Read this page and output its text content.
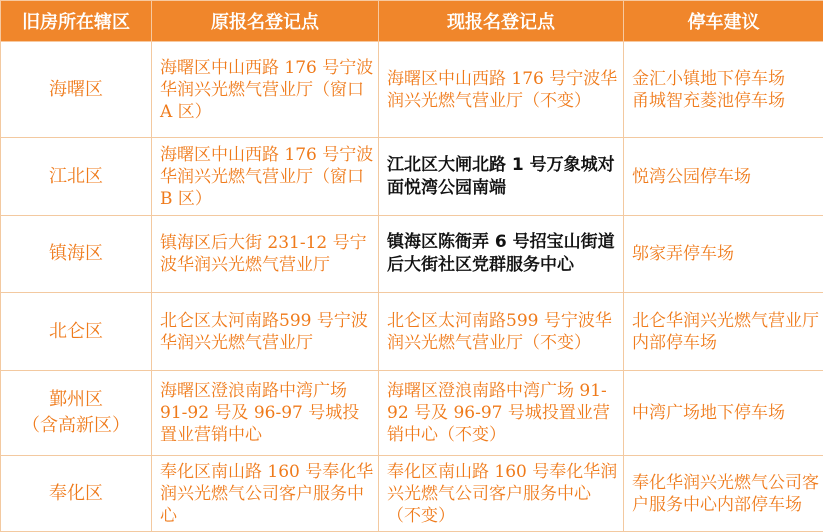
旧房所在辖区	原报名登记点	现报名登记点	停车建议
海曙区	海曙区中山西路 176 号宁波华润兴光燃气营业厅（窗口 A 区）	海曙区中山西路 176 号宁波华润兴光燃气营业厅（不变）	金汇小镇地下停车场
甬城智充菱池停车场

江北区	海曙区中山西路 176 号宁波华润兴光燃气营业厅（窗口 B 区）	江北区大闸北路 1 号万象城对面悦湾公园南端	悦湾公园停车场
镇海区	镇海区后大街 231-12 号宁波华润兴光燃气营业厅	镇海区陈衙弄 6 号招宝山街道后大街社区党群服务中心	邬家弄停车场
北仑区	北仑区太河南路599 号宁波华润兴光燃气营业厅	北仑区太河南路599 号宁波华润兴光燃气营业厅（不变）	北仑华润兴光燃气营业厅内部停车场

鄞州区
（含高新区）	海曙区澄浪南路中湾广场 91-92 号及 96-97 号城投置业营销中心	海曙区澄浪南路中湾广场 91-92 号及 96-97 号城投置业营销中心（不变）	中湾广场地下停车场
奉化区	奉化区南山路 160 号奉化华润兴光燃气公司客户服务中心	奉化区南山路 160 号奉化华润兴光燃气公司客户服务中心（不变）	奉化华润兴光燃气公司客户服务中心内部停车场
